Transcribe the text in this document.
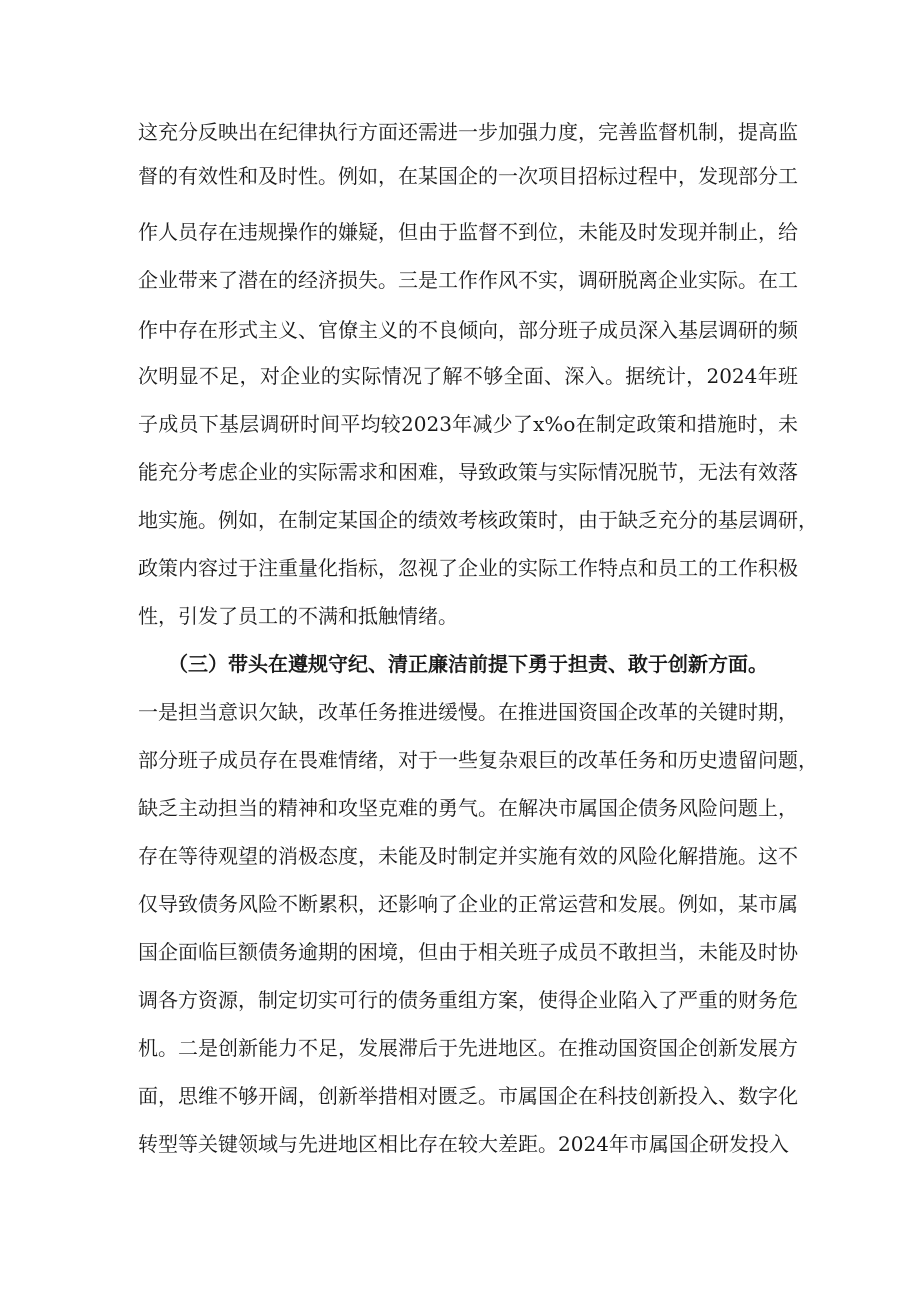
这充分反映出在纪律执行方面还需进一步加强力度，完善监督机制，提高监
督的有效性和及时性。例如，在某国企的一次项目招标过程中，发现部分工
作人员存在违规操作的嫌疑，但由于监督不到位，未能及时发现并制止，给
企业带来了潜在的经济损失。三是工作作风不实，调研脱离企业实际。在工
作中存在形式主义、官僚主义的不良倾向，部分班子成员深入基层调研的频
次明显不足，对企业的实际情况了解不够全面、深入。据统计，2024年班
子成员下基层调研时间平均较2023年减少了x%o在制定政策和措施时，未
能充分考虑企业的实际需求和困难，导致政策与实际情况脱节，无法有效落
地实施。例如，在制定某国企的绩效考核政策时，由于缺乏充分的基层调研，
政策内容过于注重量化指标，忽视了企业的实际工作特点和员工的工作积极
性，引发了员工的不满和抵触情绪。
（三）带头在遵规守纪、清正廉洁前提下勇于担责、敢于创新方面。
一是担当意识欠缺，改革任务推进缓慢。在推进国资国企改革的关键时期，
部分班子成员存在畏难情绪，对于一些复杂艰巨的改革任务和历史遗留问题，
缺乏主动担当的精神和攻坚克难的勇气。在解决市属国企债务风险问题上，
存在等待观望的消极态度，未能及时制定并实施有效的风险化解措施。这不
仅导致债务风险不断累积，还影响了企业的正常运营和发展。例如，某市属
国企面临巨额债务逾期的困境，但由于相关班子成员不敢担当，未能及时协
调各方资源，制定切实可行的债务重组方案，使得企业陷入了严重的财务危
机。二是创新能力不足，发展滞后于先进地区。在推动国资国企创新发展方
面，思维不够开阔，创新举措相对匮乏。市属国企在科技创新投入、数字化
转型等关键领域与先进地区相比存在较大差距。2024年市属国企研发投入
